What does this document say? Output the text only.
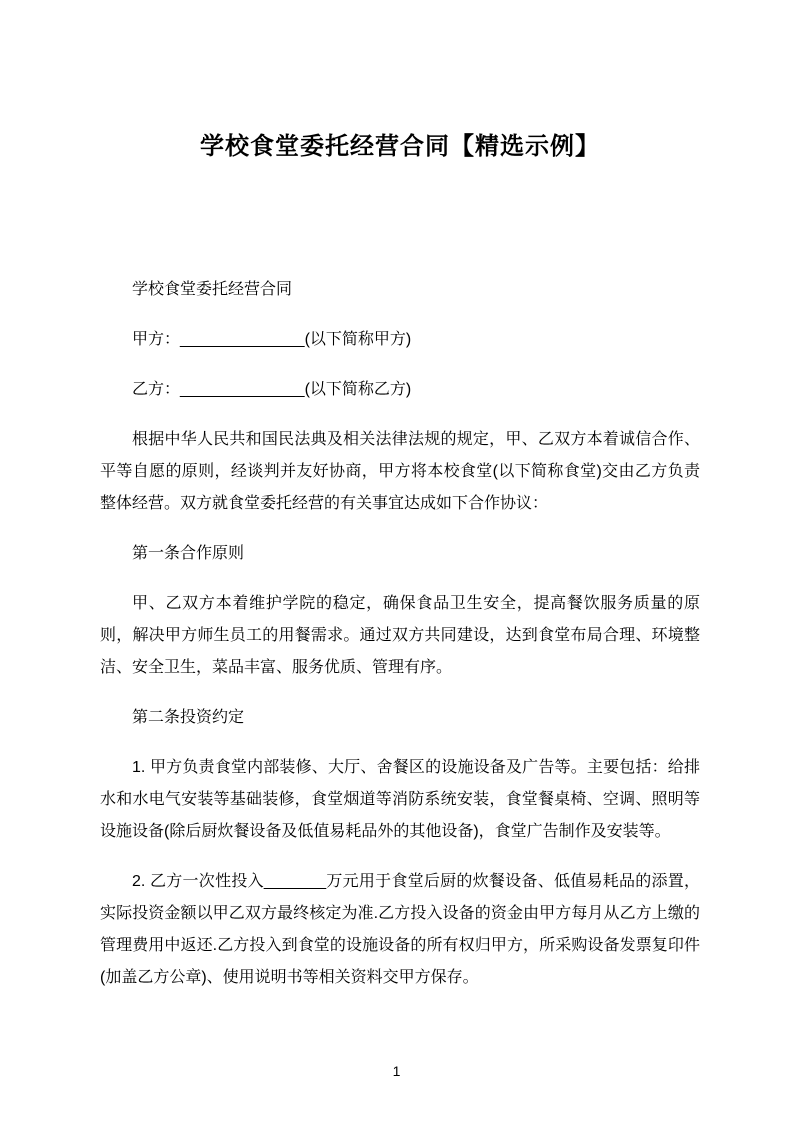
学校食堂委托经营合同【精选示例】

学校食堂委托经营合同

甲方：______________(以下简称甲方)

乙方：______________(以下简称乙方)

根据中华人民共和国民法典及相关法律法规的规定，甲、乙双方本着诚信合作、平等自愿的原则，经谈判并友好协商，甲方将本校食堂(以下简称食堂)交由乙方负责整体经营。双方就食堂委托经营的有关事宜达成如下合作协议：

第一条合作原则

甲、乙双方本着维护学院的稳定，确保食品卫生安全，提高餐饮服务质量的原则，解决甲方师生员工的用餐需求。通过双方共同建设，达到食堂布局合理、环境整洁、安全卫生，菜品丰富、服务优质、管理有序。

第二条投资约定

1. 甲方负责食堂内部装修、大厅、舍餐区的设施设备及广告等。主要包括：给排水和水电气安装等基础装修，食堂烟道等消防系统安装，食堂餐桌椅、空调、照明等设施设备(除后厨炊餐设备及低值易耗品外的其他设备)，食堂广告制作及安装等。

2. 乙方一次性投入_______万元用于食堂后厨的炊餐设备、低值易耗品的添置，实际投资金额以甲乙双方最终核定为准.乙方投入设备的资金由甲方每月从乙方上缴的管理费用中返还.乙方投入到食堂的设施设备的所有权归甲方，所采购设备发票复印件(加盖乙方公章)、使用说明书等相关资料交甲方保存。

1
